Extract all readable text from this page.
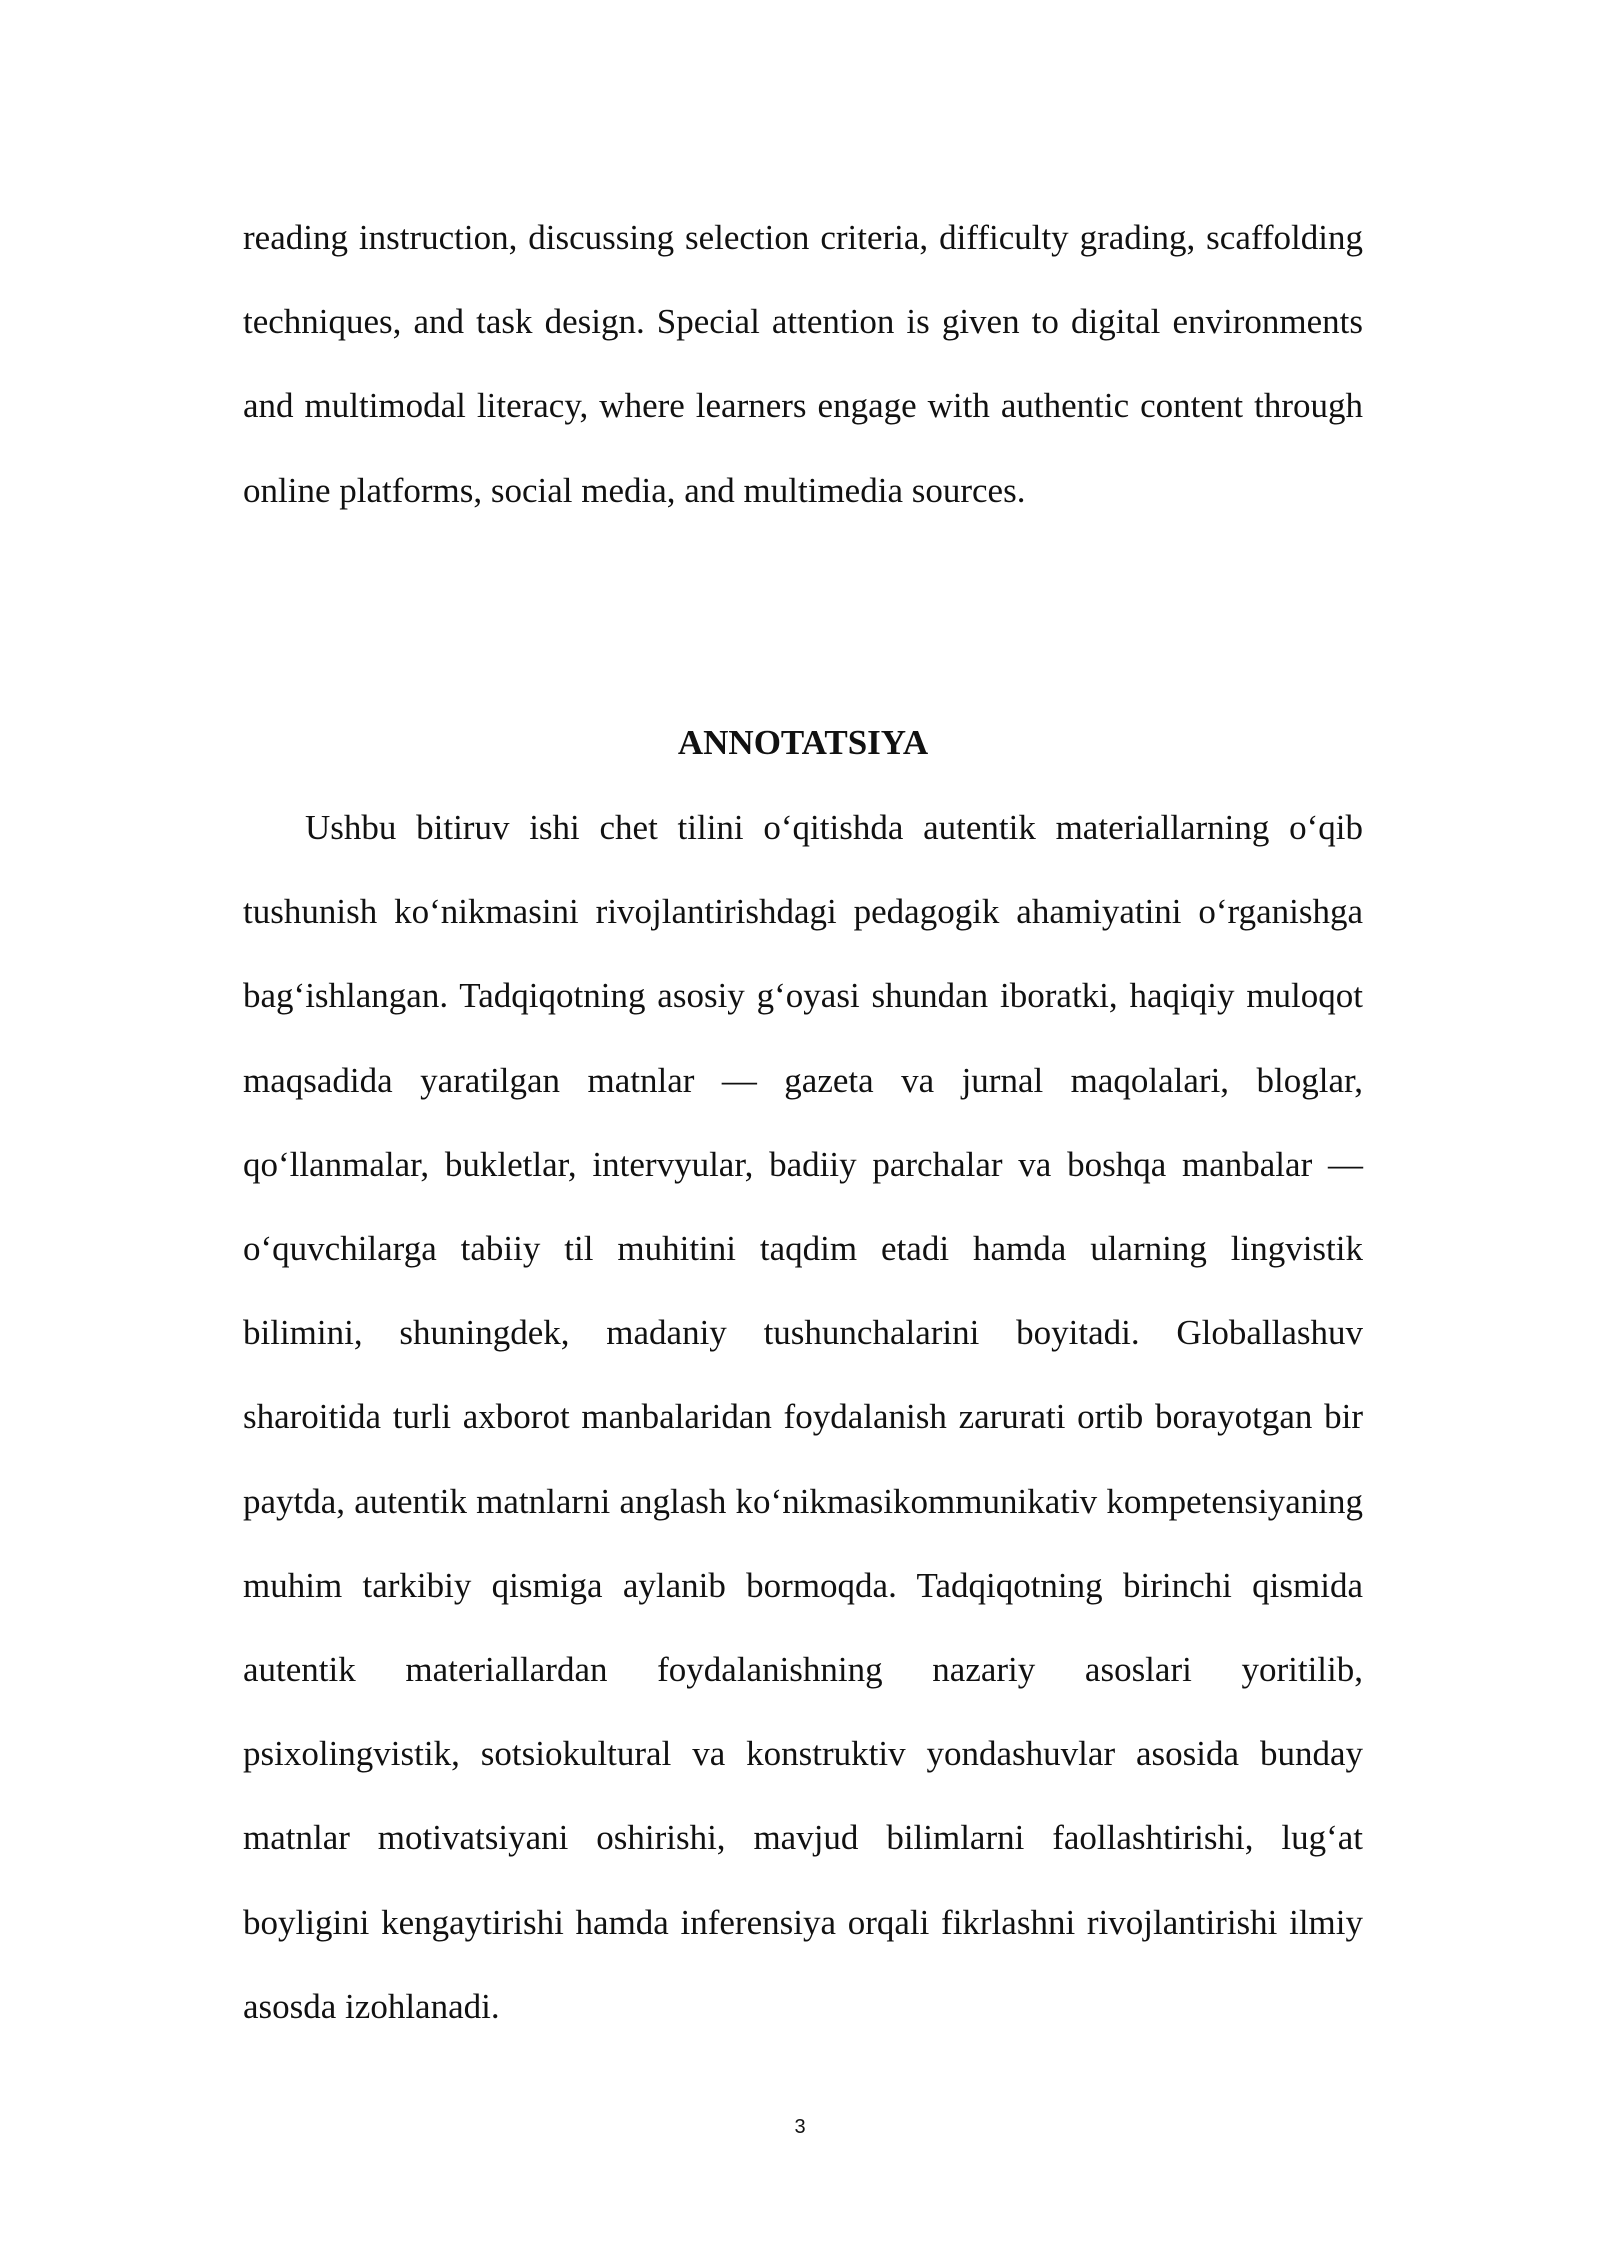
reading instruction, discussing selection criteria, difficulty grading, scaffolding techniques, and task design. Special attention is given to digital environments and multimodal literacy, where learners engage with authentic content through online platforms, social media, and multimedia sources.

ANNOTATSIYA

Ushbu bitiruv ishi chet tilini o‘qitishda autentik materiallarning o‘qib tushunish ko‘nikmasini rivojlantirishdagi pedagogik ahamiyatini o‘rganishga bag‘ishlangan. Tadqiqotning asosiy g‘oyasi shundan iboratki, haqiqiy muloqot maqsadida yaratilgan matnlar — gazeta va jurnal maqolalari, bloglar, qo‘llanmalar, bukletlar, intervyular, badiiy parchalar va boshqa manbalar — o‘quvchilarga tabiiy til muhitini taqdim etadi hamda ularning lingvistik bilimini, shuningdek, madaniy tushunchalarini boyitadi. Globallashuv sharoitida turli axborot manbalaridan foydalanish zarurati ortib borayotgan bir paytda, autentik matnlarni anglash ko‘nikmasikommunikativ kompetensiyaning muhim tarkibiy qismiga aylanib bormoqda. Tadqiqotning birinchi qismida autentik materiallardan foydalanishning nazariy asoslari yoritilib, psixolingvistik, sotsiokultural va konstruktiv yondashuvlar asosida bunday matnlar motivatsiyani oshirishi, mavjud bilimlarni faollashtirishi, lug‘at boyligini kengaytirishi hamda inferensiya orqali fikrlashni rivojlantirishi ilmiy asosda izohlanadi.

3
